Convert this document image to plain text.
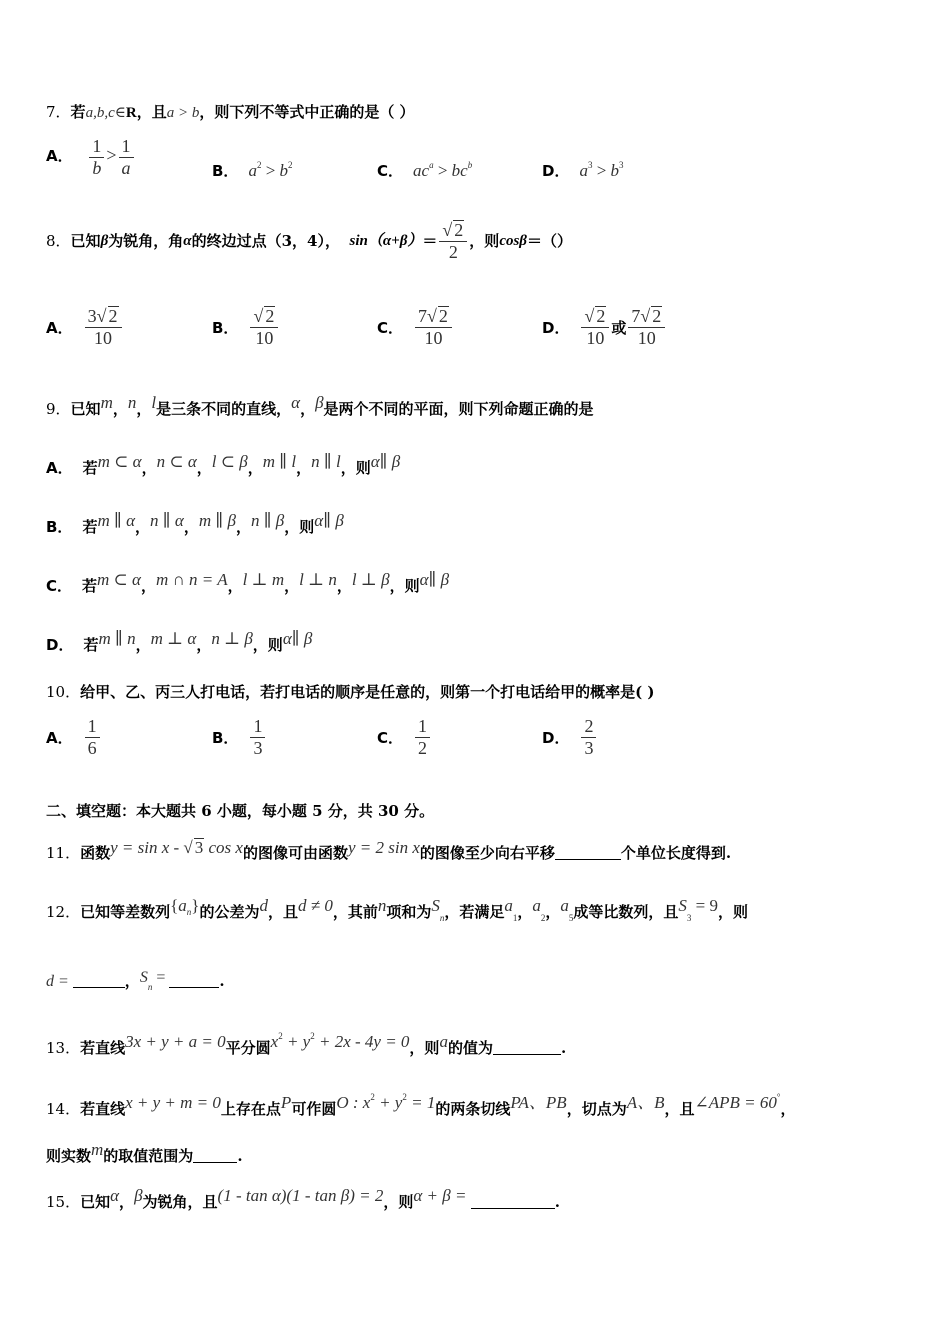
7．若a,b,c∈R，且a > b，则下列不等式中正确的是（ ）
A． $\frac{1}{b} > \frac{1}{a}$	B． $a^2 > b^2$	C． $ac^a > bc^b$	D． $a^3 > b^3$
8． 已知 β 为锐角，角 α 的终边过点（3，4），
$\sin(\alpha+\beta) = \frac{√ 2}{2}$ ，则 cosβ ＝（）
A． $\frac{3√ 2}{10}$	B． $\frac{√ 2}{10}$	C． $\frac{7√ 2}{10}$	D． $\frac{√ 2}{10}$ 或 $\frac{7√ 2}{10}$
9．已知m，n，l是三条不同的直线，α，β是两个不同的平面，则下列命题正确的是
A． 若m ⊂ α，n ⊂ α，l ⊂ β，m ∥ l，n ∥ l，则α∥ β
B． 若m ∥ α，n ∥ α，m ∥ β，n ∥ β，则α∥ β
C． 若m ⊂ α，m ∩ n = A，l ⊥ m，l ⊥ n，l ⊥ β，则α∥ β
D． 若m ∥ n，m ⊥ α，n ⊥ β，则α∥ β
10．给甲、乙、丙三人打电话，若打电话的顺序是任意的，则第一个打电话给甲的概率是( )
A． $\frac{1}{6}$	B． $\frac{1}{3}$	C． $\frac{1}{2}$	D． $\frac{2}{3}$
二、填空题：本大题共 6 小题，每小题 5 分，共 30 分。
11．函数y = sin x - √ 3 cos x的图像可由函数y = 2 sin x的图像至少向右平移	个单位长度得到.
12．已知等差数列$\{a_n\}$的公差为d，且d ≠ 0，其前n项和为$S_n$，若满足$a_1$，$a_2$，$a_5$成等比数列，且$S_3 = 9$，则
d =	，$S_n$ =	.
13．若直线3x + y + a = 0平分圆$x^2 + y^2 + 2x - 4y = 0$，则a的值为	.
14．若直线x + y + m = 0上存在点P可作圆O : $x^2 + y^2 = 1$的两条切线PA、PB，切点为A、B，且∠APB = 60°，
则实数m的取值范围为	.
15．已知α，β为锐角，且(1 - tan α)(1 - tan β) = 2，则α + β =	.
